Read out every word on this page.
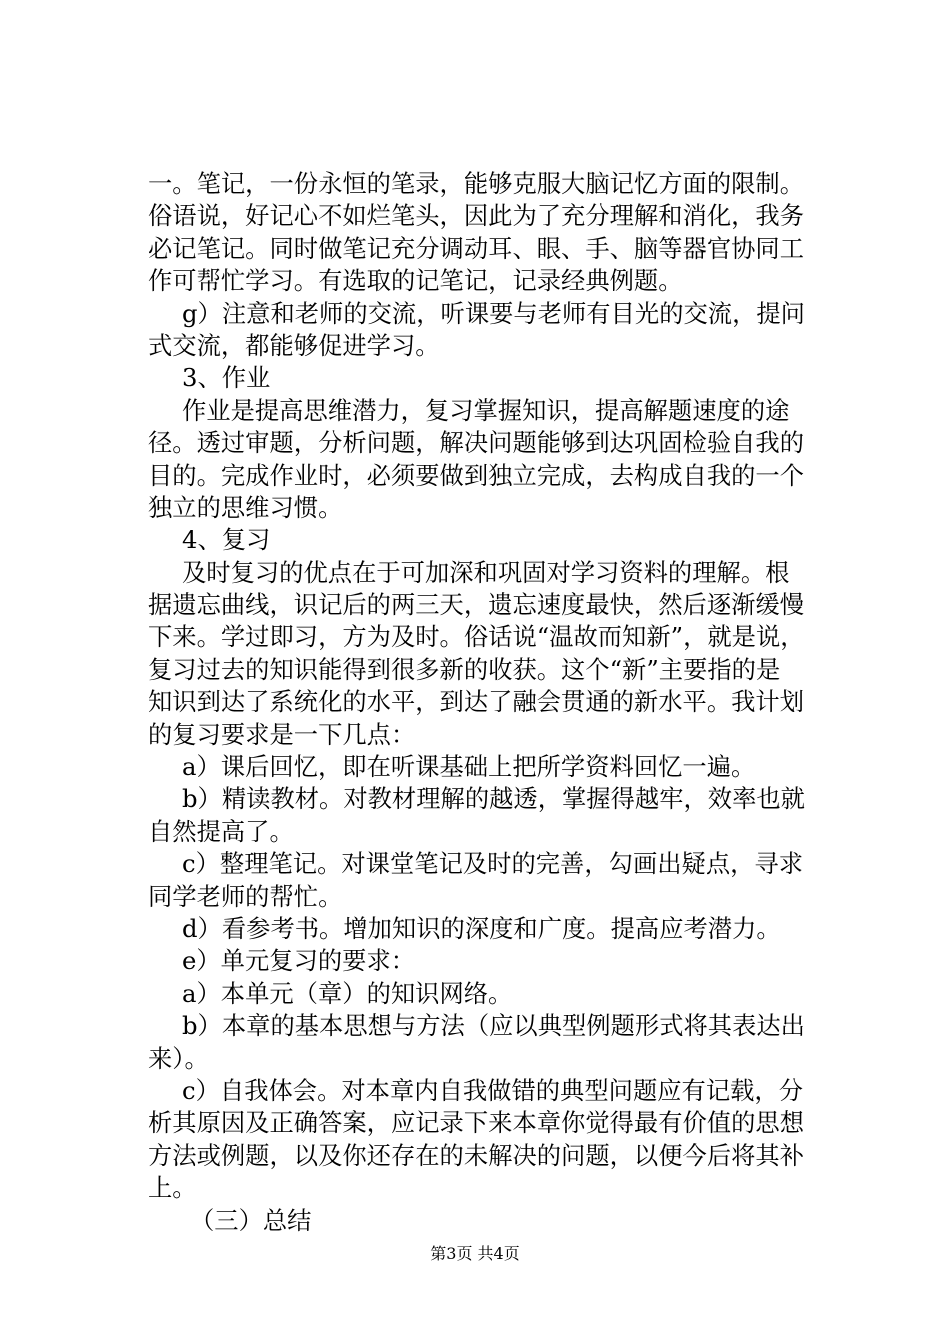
一。笔记，一份永恒的笔录，能够克服大脑记忆方面的限制。
俗语说，好记心不如烂笔头，因此为了充分理解和消化，我务
必记笔记。同时做笔记充分调动耳、眼、手、脑等器官协同工
作可帮忙学习。有选取的记笔记，记录经典例题。
g）注意和老师的交流，听课要与老师有目光的交流，提问
式交流，都能够促进学习。
3、作业
作业是提高思维潜力，复习掌握知识，提高解题速度的途
径。透过审题，分析问题，解决问题能够到达巩固检验自我的
目的。完成作业时，必须要做到独立完成，去构成自我的一个
独立的思维习惯。
4、复习
及时复习的优点在于可加深和巩固对学习资料的理解。根
据遗忘曲线，识记后的两三天，遗忘速度最快，然后逐渐缓慢
下来。学过即习，方为及时。俗话说“温故而知新”，就是说，
复习过去的知识能得到很多新的收获。这个“新”主要指的是
知识到达了系统化的水平，到达了融会贯通的新水平。我计划
的复习要求是一下几点：
a）课后回忆，即在听课基础上把所学资料回忆一遍。
b）精读教材。对教材理解的越透，掌握得越牢，效率也就
自然提高了。
c）整理笔记。对课堂笔记及时的完善，勾画出疑点，寻求
同学老师的帮忙。
d）看参考书。增加知识的深度和广度。提高应考潜力。
e）单元复习的要求：
a）本单元（章）的知识网络。
b）本章的基本思想与方法（应以典型例题形式将其表达出
来）。
c）自我体会。对本章内自我做错的典型问题应有记载，分
析其原因及正确答案，应记录下来本章你觉得最有价值的思想
方法或例题，以及你还存在的未解决的问题，以便今后将其补
上。
（三）总结
第3页 共4页
